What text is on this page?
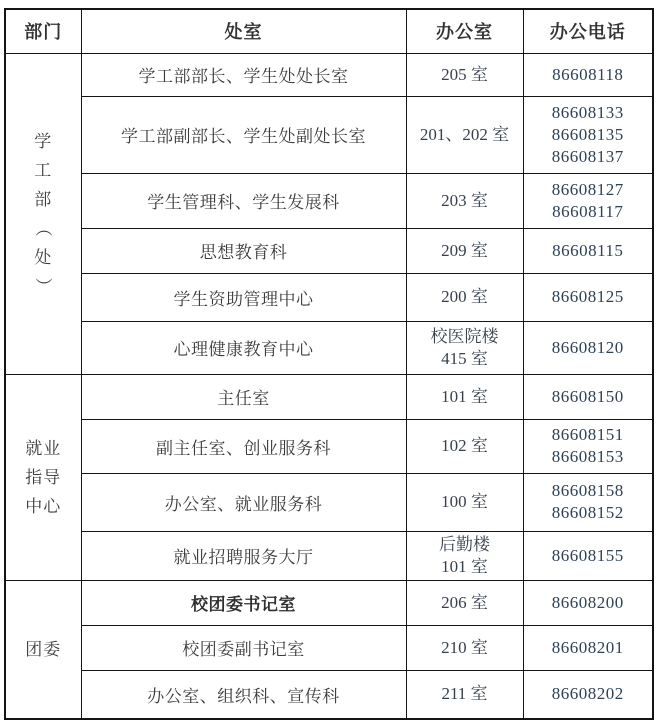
部门	处室	办公室	办公电话

学
工
部
（
处
）
	学工部部长、学生处处长室	205 室	86608118

	学工部副部长、学生处副处长室	201、202 室	86608133
86608135
86608137

	学生管理科、学生发展科	203 室	86608127
86608117

	思想教育科	209 室	86608115

	学生资助管理中心	200 室	86608125

	心理健康教育中心	校医院楼
415 室	86608120

就业
指导
中心	主任室	101 室	86608150

	副主任室、创业服务科	102 室	86608151
86608153

	办公室、就业服务科	100 室	86608158
86608152

	就业招聘服务大厅	后勤楼
101 室	86608155

团委	校团委书记室	206 室	86608200

	校团委副书记室	210 室	86608201

	办公室、组织科、宣传科	211 室	86608202
